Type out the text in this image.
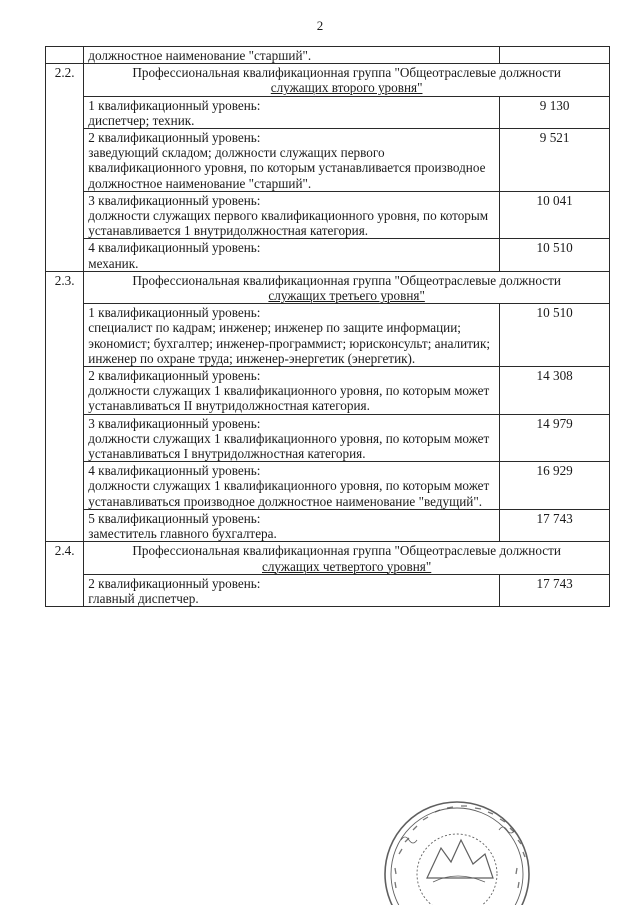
2
	должностное наименование "старший".	
2.2.	Профессиональная квалификационная группа "Общеотраслевые должности
служащих второго уровня"	

	1 квалификационный уровень:
диспетчер; техник.	9 130

	2 квалификационный уровень:
заведующий складом; должности служащих первого квалификационного уровня, по которым устанавливается производное должностное наименование "старший".	9 521

	3 квалификационный уровень:
должности служащих первого квалификационного уровня, по которым устанавливается 1 внутридолжностная категория.	10 041

	4 квалификационный уровень:
механик.	10 510
2.3.	Профессиональная квалификационная группа "Общеотраслевые должности
служащих третьего уровня"	

	1 квалификационный уровень:
специалист по кадрам; инженер; инженер по защите информации; экономист; бухгалтер; инженер-программист; юрисконсульт; аналитик; инженер по охране труда; инженер-энергетик (энергетик).	10 510

	2 квалификационный уровень:
должности служащих 1 квалификационного уровня, по которым может устанавливаться II внутридолжностная категория.	14 308

	3 квалификационный уровень:
должности служащих 1 квалификационного уровня, по которым может устанавливаться I внутридолжностная категория.	14 979

	4 квалификационный уровень:
должности служащих 1 квалификационного уровня, по которым может устанавливаться производное должностное наименование "ведущий".	16 929

	5 квалификационный уровень:
заместитель главного бухгалтера.	17 743
2.4.	Профессиональная квалификационная группа "Общеотраслевые должности
служащих четвертого уровня"	

	2 квалификационный уровень:
главный диспетчер.	17 743
